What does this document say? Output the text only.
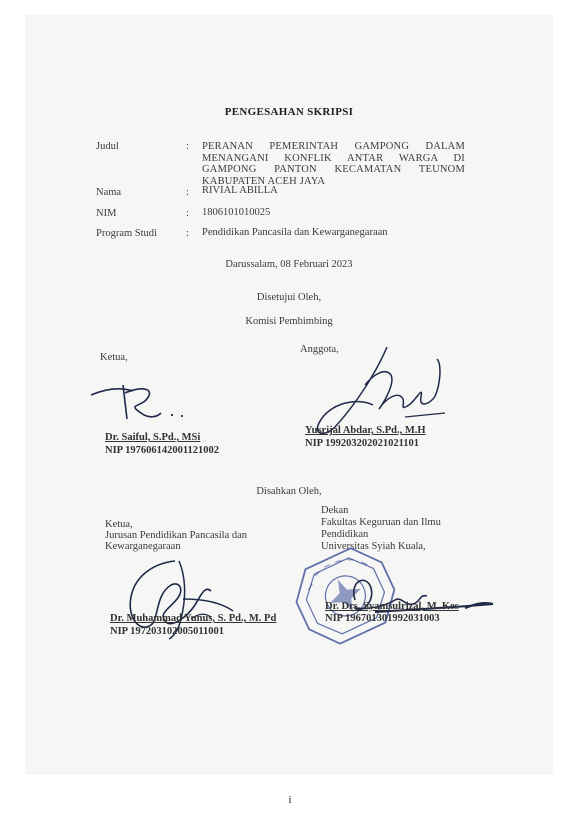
PENGESAHAN SKRIPSI
Judul	: PERANAN PEMERINTAH GAMPONG DALAM
MENANGANI KONFLIK ANTAR WARGA DI
GAMPONG PANTON KECAMATAN TEUNOM
KABUPATEN ACEH JAYA
Nama	: RIVIAL ABILLA
NIM	: 1806101010025
Program Studi	: Pendidikan Pancasila dan Kewarganegaraan
Darussalam, 08 Februari 2023
Disetujui Oleh,
Komisi Pembimbing
Ketua,
Anggota,
Dr. Saiful, S.Pd., MSi
NIP 197606142001121002
Yusrijal Abdar, S.Pd., M.H
NIP 199203202021021101
Disahkan Oleh,
Ketua,
Jurusan Pendidikan Pancasila dan
Kewarganegaraan
Dekan
Fakultas Keguruan dan Ilmu
Pendidikan
Universitas Syiah Kuala,
Dr. Muhammad Yunus, S. Pd., M. Pd
NIP 197203102005011001
Dr. Drs. Syamsulrizal, M. Kes
NIP 196701301992031003
i
